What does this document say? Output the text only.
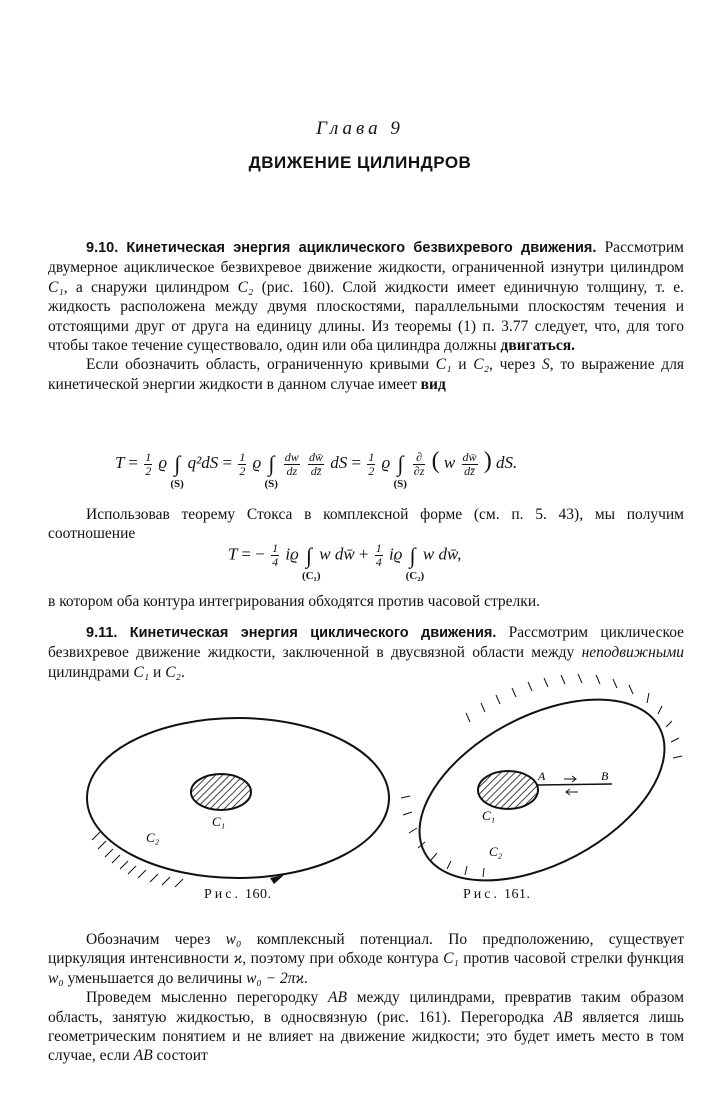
Глава 9
ДВИЖЕНИЕ ЦИЛИНДРОВ

9.10. Кинетическая энергия ациклического безвихревого движения. Рассмотрим двумерное ациклическое безвихревое движение жидкости, ограниченной изнутри цилиндром C₁, а снаружи цилиндром C₂ (рис. 160). Слой жидкости имеет единичную толщину, т. е. жидкость расположена между двумя плоскостями, параллельными плоскостям течения и отстоящими друг от друга на единицу длины. Из теоремы (1) п. 3.77 следует, что, для того чтобы такое течение существовало, один или оба цилиндра должны двигаться.

Если обозначить область, ограниченную кривыми C₁ и C₂, через S, то выражение для кинетической энергии жидкости в данном случае имеет вид

$T = \frac{1}{2}$ ϱ ∫
(S)
$q^2dS = \frac{1}{2}$ ϱ ∫
(S)

$\frac{dw}{dz}$
$\frac{dw̄}{dz̄}$ dS = $\frac{1}{2}$ ϱ ∫
(S)

$\frac{\partial}{\partial z}$ ( w $\frac{dw̄}{dz̄}$ ) dS.

Использовав теорему Стокса в комплексной форме (см. п. 5. 43), мы получим соотношение

T = − $\frac{1}{4}$ iϱ ∫
(C₁)
w dw̄ + $\frac{1}{4}$ iϱ ∫
(C₂)
w dw̄,

в котором оба контура интегрирования обходятся против часовой стрелки.

9.11. Кинетическая энергия циклического движения. Рассмотрим циклическое безвихревое движение жидкости, заключенной в двусвязной области между неподвижными цилиндрами C₁ и C₂.

C₁
C₂
A	B
C₁
C₂
Рис. 160.	Рис. 161.

Обозначим через w₀ комплексный потенциал. По предположению, существует циркуляция интенсивности ϰ, поэтому при обходе контура C₁ против часовой стрелки функция w₀ уменьшается до величины w₀ − 2πϰ.

Проведем мысленно перегородку AB между цилиндрами, превратив таким образом область, занятую жидкостью, в односвязную (рис. 161). Перегородка AB является лишь геометрическим понятием и не влияет на движение жидкости; это будет иметь место в том случае, если AB состоит
